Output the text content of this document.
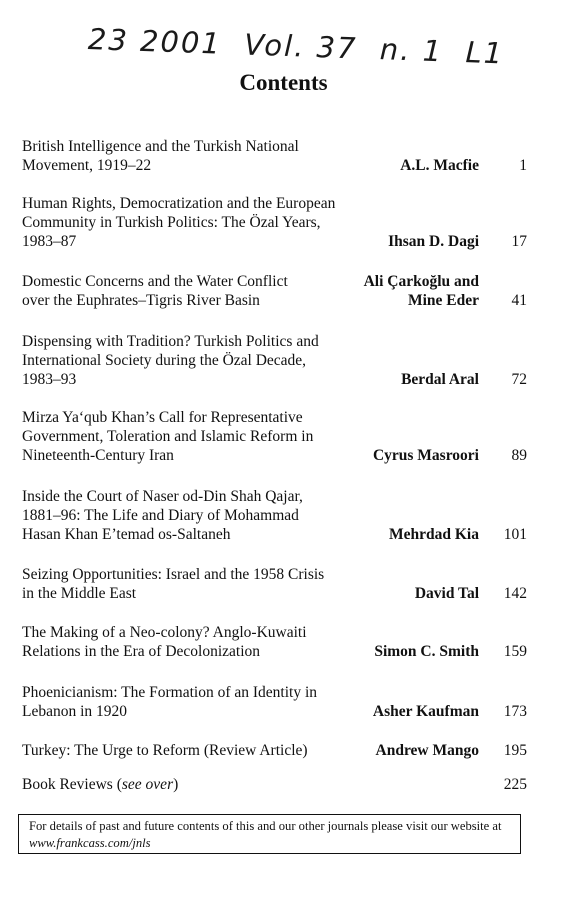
23 2001  Vol. 37  n. 1  L1
Contents
British Intelligence and the Turkish National
Movement, 1919–22	A.L. Macfie	1
Human Rights, Democratization and the European
Community in Turkish Politics: The Özal Years,
1983–87	Ihsan D. Dagi	17
Domestic Concerns and the Water Conflict
over the Euphrates–Tigris River Basin
Ali Çarkoğlu and
Mine Eder	41
Dispensing with Tradition? Turkish Politics and
International Society during the Özal Decade,
1983–93	Berdal Aral	72
Mirza Ya‘qub Khan’s Call for Representative
Government, Toleration and Islamic Reform in
Nineteenth-Century Iran	Cyrus Masroori	89
Inside the Court of Naser od-Din Shah Qajar,
1881–96: The Life and Diary of Mohammad
Hasan Khan E’temad os-Saltaneh	Mehrdad Kia	101
Seizing Opportunities: Israel and the 1958 Crisis
in the Middle East	David Tal	142
The Making of a Neo-colony? Anglo-Kuwaiti
Relations in the Era of Decolonization	Simon C. Smith	159
Phoenicianism: The Formation of an Identity in
Lebanon in 1920	Asher Kaufman	173
Turkey: The Urge to Reform (Review Article)	Andrew Mango	195
Book Reviews (see over)	225
For details of past and future contents of this and our other journals please visit our website at www.frankcass.com/jnls
